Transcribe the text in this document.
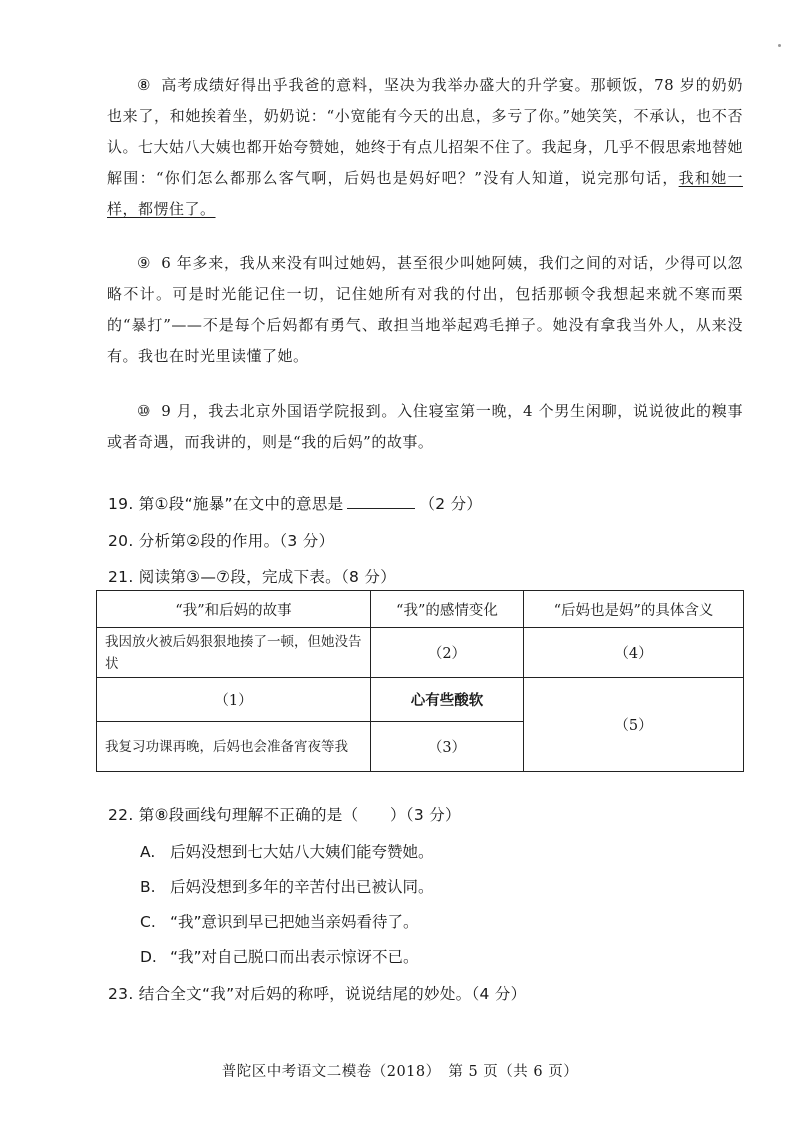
⑧ 高考成绩好得出乎我爸的意料，坚决为我举办盛大的升学宴。那顿饭，78 岁的奶奶也来了，和她挨着坐，奶奶说：“小宽能有今天的出息，多亏了你。”她笑笑，不承认，也不否认。七大姑八大姨也都开始夸赞她，她终于有点儿招架不住了。我起身，几乎不假思索地替她解围：“你们怎么都那么客气啊，后妈也是妈好吧？”没有人知道，说完那句话，我和她一样，都愣住了。
⑨ 6 年多来，我从来没有叫过她妈，甚至很少叫她阿姨，我们之间的对话，少得可以忽略不计。可是时光能记住一切，记住她所有对我的付出，包括那顿令我想起来就不寒而栗的“暴打”——不是每个后妈都有勇气、敢担当地举起鸡毛掸子。她没有拿我当外人，从来没有。我也在时光里读懂了她。
⑩ 9 月，我去北京外国语学院报到。入住寝室第一晚，4 个男生闲聊，说说彼此的糗事或者奇遇，而我讲的，则是“我的后妈”的故事。
19. 第①段“施暴”在文中的意思是	（2 分）
20. 分析第②段的作用。（3 分）
21. 阅读第③—⑦段，完成下表。（8 分）
“我”和后妈的故事	“我”的感情变化	“后妈也是妈”的具体含义
我因放火被后妈狠狠地揍了一顿，但她没告状	（2）	（4）
（1）	心有些酸软	（5）
我复习功课再晚，后妈也会准备宵夜等我	（3）	
22. 第⑧段画线句理解不正确的是（　　）（3 分）
A. 后妈没想到七大姑八大姨们能夸赞她。
B. 后妈没想到多年的辛苦付出已被认同。
C. “我”意识到早已把她当亲妈看待了。
D. “我”对自己脱口而出表示惊讶不已。
23. 结合全文“我”对后妈的称呼，说说结尾的妙处。（4 分）
普陀区中考语文二模卷（2018）　第 5 页（共 6 页）
